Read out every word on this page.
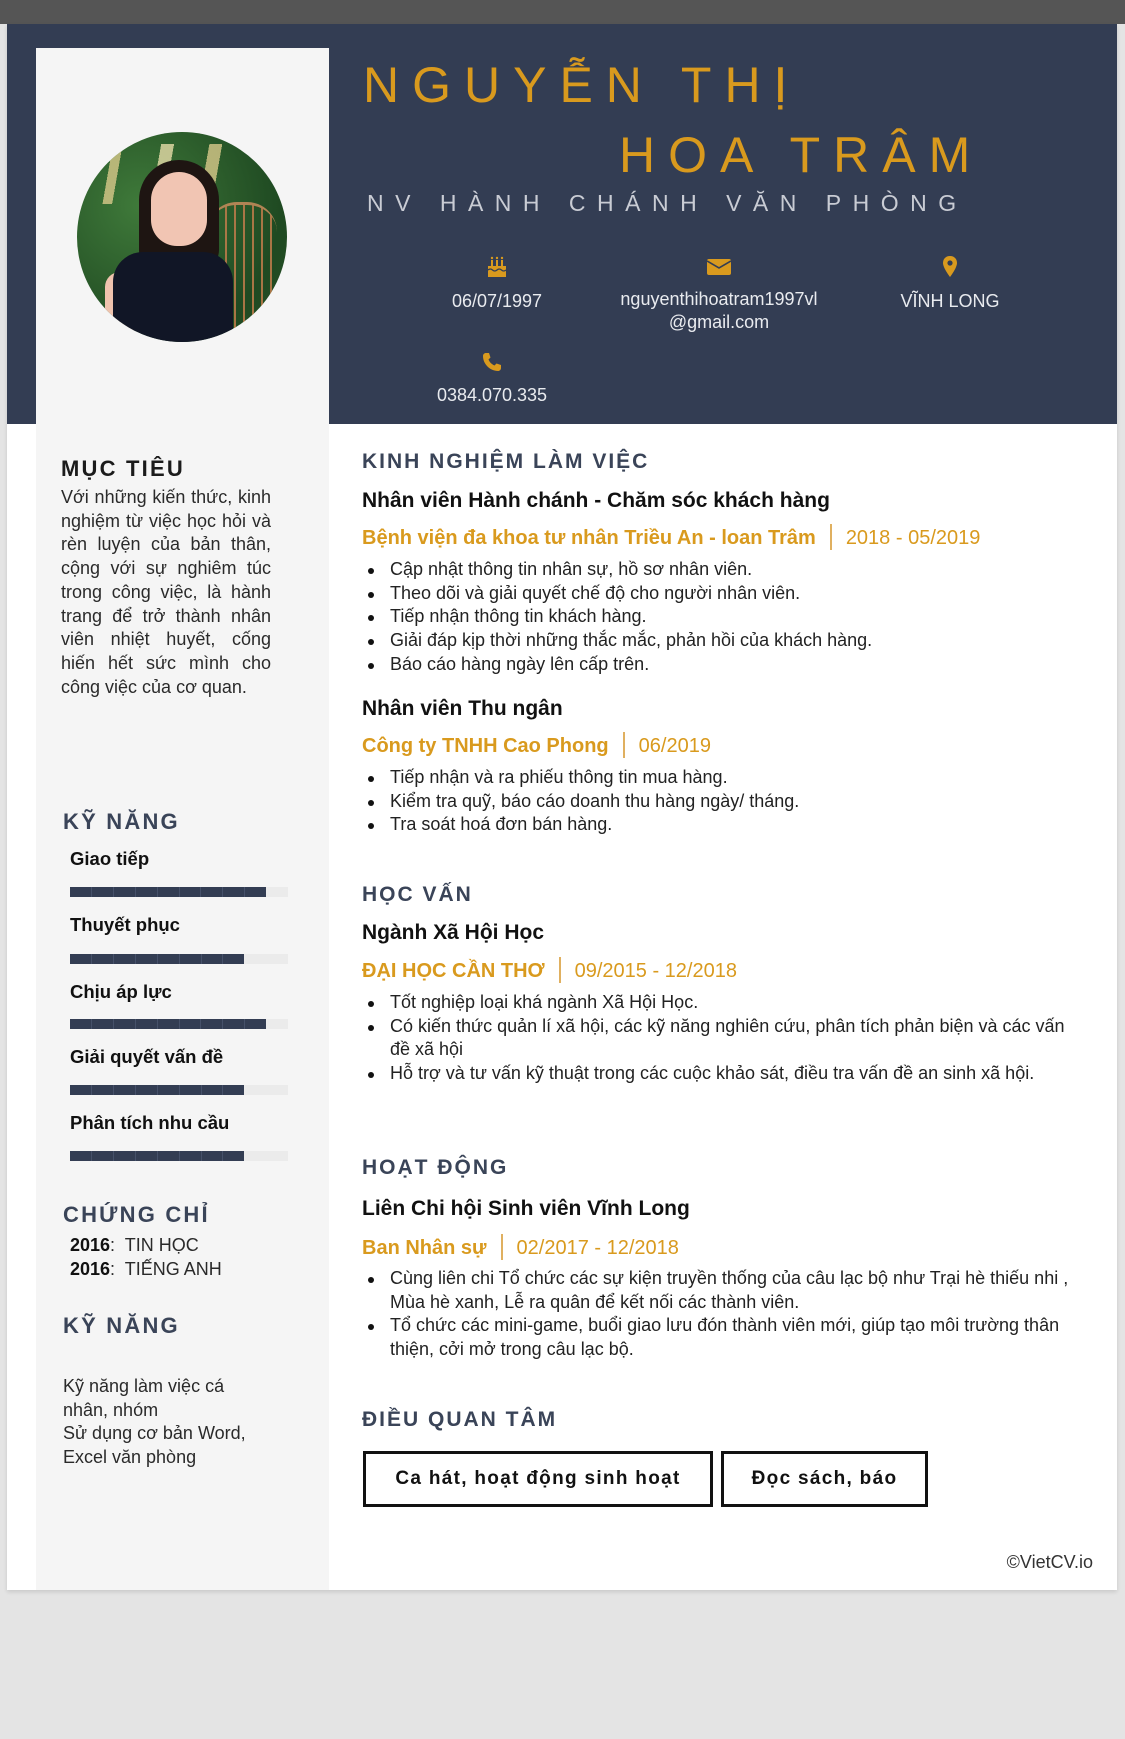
NGUYỄN THỊ
HOA TRÂM
NV HÀNH CHÁNH VĂN PHÒNG
06/07/1997	nguyenthihoatram1997vl
@gmail.com
VĨNH LONG
0384.070.335
MỤC TIÊU
Với những kiến thức, kinh nghiệm từ việc học hỏi và rèn luyện của bản thân, cộng với sự nghiêm túc trong công việc, là hành trang để trở thành nhân viên nhiệt huyết, cống hiến hết sức mình cho công việc của cơ quan.
KỸ NĂNG
Giao tiếp
Thuyết phục
Chịu áp lực
Giải quyết vấn đề
Phân tích nhu cầu
CHỨNG CHỈ
2016:  TIN HỌC
2016:  TIẾNG ANH
KỸ NĂNG
Kỹ năng làm việc cá
nhân, nhóm
Sử dụng cơ bản Word,
Excel văn phòng
KINH NGHIỆM LÀM VIỆC
Nhân viên Hành chánh - Chăm sóc khách hàng
Bệnh viện đa khoa tư nhân Triều An - loan Trâm 2018 - 05/2019
Cập nhật thông tin nhân sự, hồ sơ nhân viên.
Theo dõi và giải quyết chế độ cho người nhân viên.
Tiếp nhận thông tin khách hàng.
Giải đáp kịp thời những thắc mắc, phản hồi của khách hàng.
Báo cáo hàng ngày lên cấp trên.
Nhân viên Thu ngân
Công ty TNHH Cao Phong 06/2019
Tiếp nhận và ra phiếu thông tin mua hàng.
Kiểm tra quỹ, báo cáo doanh thu hàng ngày/ tháng.
Tra soát hoá đơn bán hàng.
HỌC VẤN
Ngành Xã Hội Học
ĐẠI HỌC CẦN THƠ 09/2015 - 12/2018
Tốt nghiệp loại khá ngành Xã Hội Học.
Có kiến thức quản lí xã hội, các kỹ năng nghiên cứu, phân tích phản biện và các vấn đề xã hội
Hỗ trợ và tư vấn kỹ thuật trong các cuộc khảo sát, điều tra vấn đề an sinh xã hội.
HOẠT ĐỘNG
Liên Chi hội Sinh viên Vĩnh Long
Ban Nhân sự 02/2017 - 12/2018
Cùng liên chi Tổ chức các sự kiện truyền thống của câu lạc bộ như Trại hè thiếu nhi , Mùa hè xanh, Lễ ra quân để kết nối các thành viên.
Tổ chức các mini-game, buổi giao lưu đón thành viên mới, giúp tạo môi trường thân thiện, cởi mở trong câu lạc bộ.
ĐIỀU QUAN TÂM
Ca hát, hoạt động sinh hoạt	Đọc sách, báo
©VietCV.io
